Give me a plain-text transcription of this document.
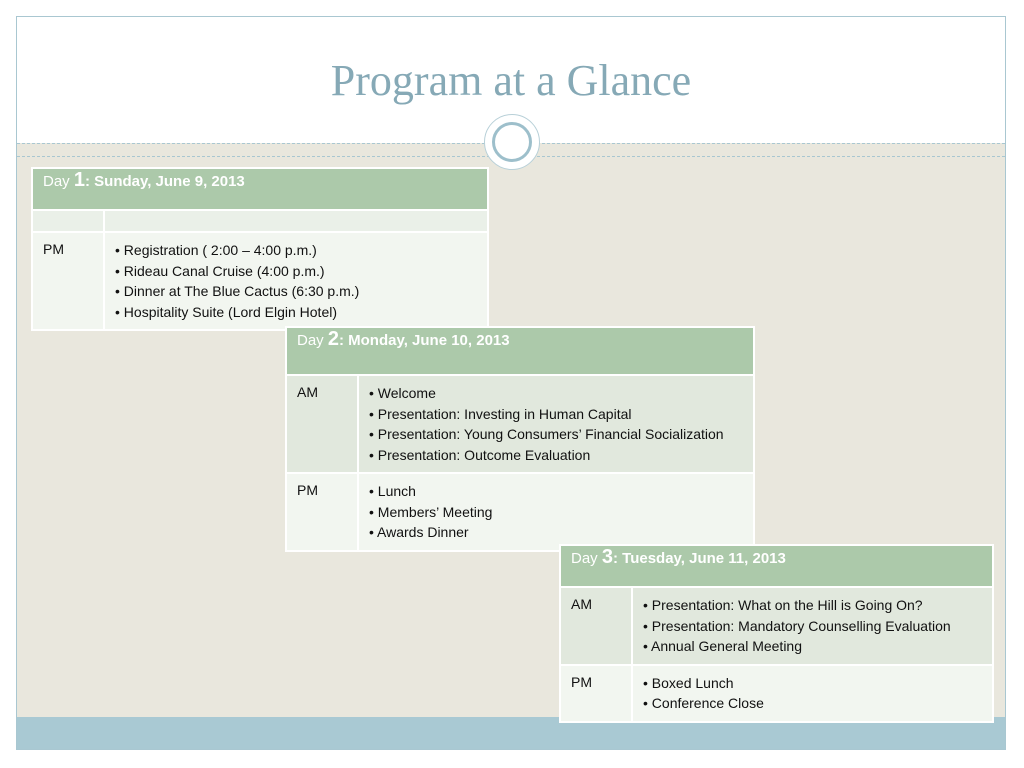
Program at a Glance
Day 1: Sunday, June 9, 2013	

PM	• Registration ( 2:00 – 4:00 p.m.)
• Rideau Canal Cruise (4:00 p.m.)
• Dinner at The Blue Cactus (6:30 p.m.)
• Hospitality Suite (Lord Elgin Hotel)
Day 2: Monday, June 10, 2013	
AM	• Welcome
• Presentation: Investing in Human Capital
• Presentation: Young Consumers’ Financial Socialization
• Presentation: Outcome Evaluation

PM	• Lunch
• Members’ Meeting
• Awards Dinner
Day 3: Tuesday, June 11, 2013	
AM	• Presentation: What on the Hill is Going On?
• Presentation: Mandatory Counselling Evaluation
• Annual General Meeting

PM	• Boxed Lunch
• Conference Close
